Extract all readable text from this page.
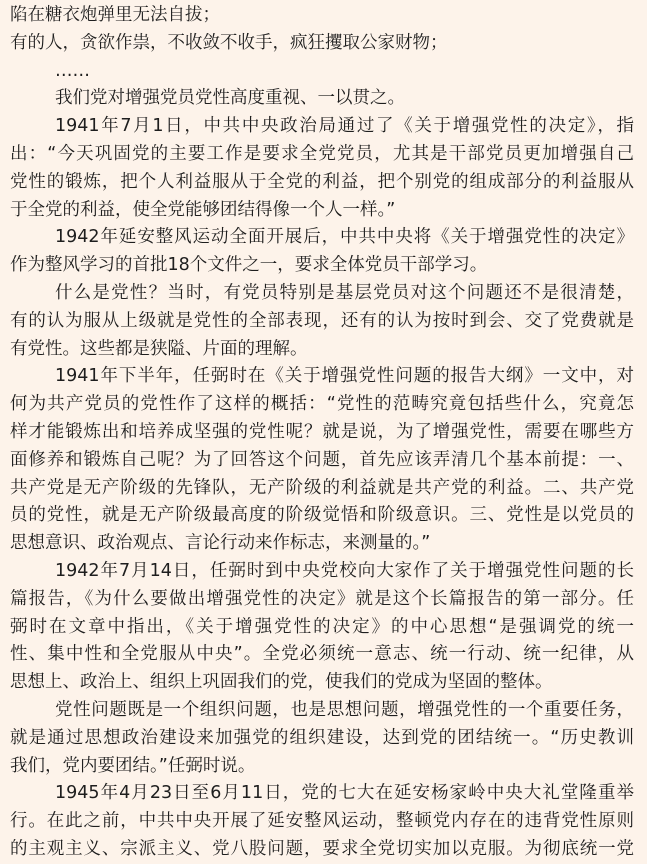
陷在糖衣炮弹里无法自拔；
有的人，贪欲作祟，不收敛不收手，疯狂攫取公家财物；
……
我们党对增强党员党性高度重视、一以贯之。
1941年7月1日，中共中央政治局通过了《关于增强党性的决定》，指
出：“今天巩固党的主要工作是要求全党党员，尤其是干部党员更加增强自己
党性的锻炼，把个人利益服从于全党的利益，把个别党的组成部分的利益服从
于全党的利益，使全党能够团结得像一个人一样。”
1942年延安整风运动全面开展后，中共中央将《关于增强党性的决定》
作为整风学习的首批18个文件之一，要求全体党员干部学习。
什么是党性？当时，有党员特别是基层党员对这个问题还不是很清楚，
有的认为服从上级就是党性的全部表现，还有的认为按时到会、交了党费就是
有党性。这些都是狭隘、片面的理解。
1941年下半年，任弼时在《关于增强党性问题的报告大纲》一文中，对
何为共产党员的党性作了这样的概括：“党性的范畴究竟包括些什么，究竟怎
样才能锻炼出和培养成坚强的党性呢？就是说，为了增强党性，需要在哪些方
面修养和锻炼自己呢？为了回答这个问题，首先应该弄清几个基本前提：一、
共产党是无产阶级的先锋队，无产阶级的利益就是共产党的利益。二、共产党
员的党性，就是无产阶级最高度的阶级觉悟和阶级意识。三、党性是以党员的
思想意识、政治观点、言论行动来作标志，来测量的。”
1942年7月14日，任弼时到中央党校向大家作了关于增强党性问题的长
篇报告，《为什么要做出增强党性的决定》就是这个长篇报告的第一部分。任
弼时在文章中指出，《关于增强党性的决定》的中心思想“是强调党的统一
性、集中性和全党服从中央”。全党必须统一意志、统一行动、统一纪律，从
思想上、政治上、组织上巩固我们的党，使我们的党成为坚固的整体。
党性问题既是一个组织问题，也是思想问题，增强党性的一个重要任务，
就是通过思想政治建设来加强党的组织建设，达到党的团结统一。“历史教训
我们，党内要团结。”任弼时说。
1945年4月23日至6月11日，党的七大在延安杨家岭中央大礼堂隆重举
行。在此之前，中共中央开展了延安整风运动，整顿党内存在的违背党性原则
的主观主义、宗派主义、党八股问题，要求全党切实加以克服。为彻底统一党
